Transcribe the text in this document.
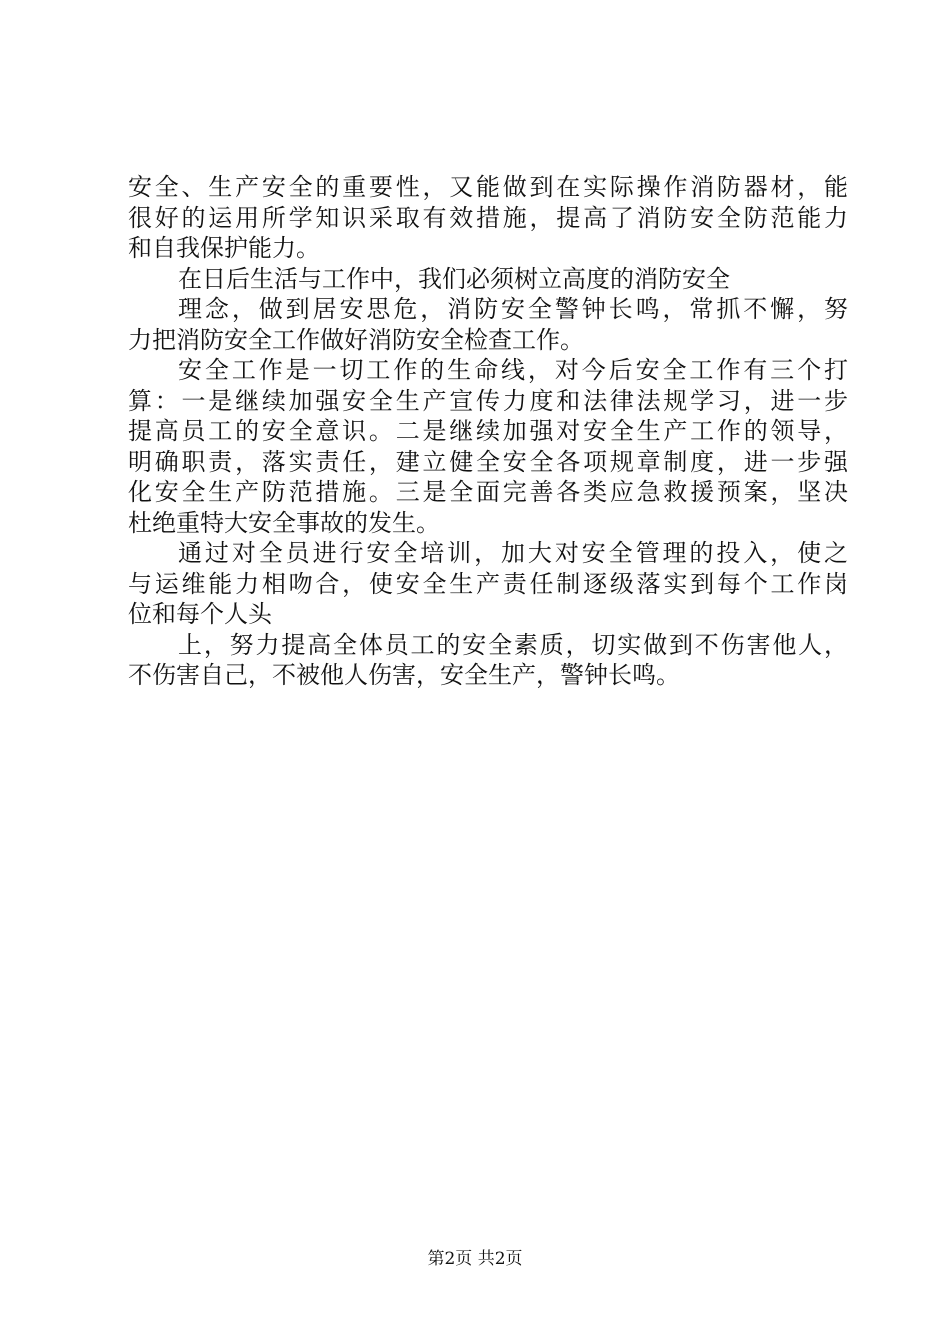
安全、生产安全的重要性，又能做到在实际操作消防器材，能
很好的运用所学知识采取有效措施，提高了消防安全防范能力
和自我保护能力。
在日后生活与工作中，我们必须树立高度的消防安全
理念，做到居安思危，消防安全警钟长鸣，常抓不懈，努
力把消防安全工作做好消防安全检查工作。
安全工作是一切工作的生命线，对今后安全工作有三个打
算：一是继续加强安全生产宣传力度和法律法规学习，进一步
提高员工的安全意识。二是继续加强对安全生产工作的领导，
明确职责，落实责任，建立健全安全各项规章制度，进一步强
化安全生产防范措施。三是全面完善各类应急救援预案，坚决
杜绝重特大安全事故的发生。
通过对全员进行安全培训，加大对安全管理的投入，使之
与运维能力相吻合，使安全生产责任制逐级落实到每个工作岗
位和每个人头
上，努力提高全体员工的安全素质，切实做到不伤害他人，
不伤害自己，不被他人伤害，安全生产，警钟长鸣。
第2页 共2页
